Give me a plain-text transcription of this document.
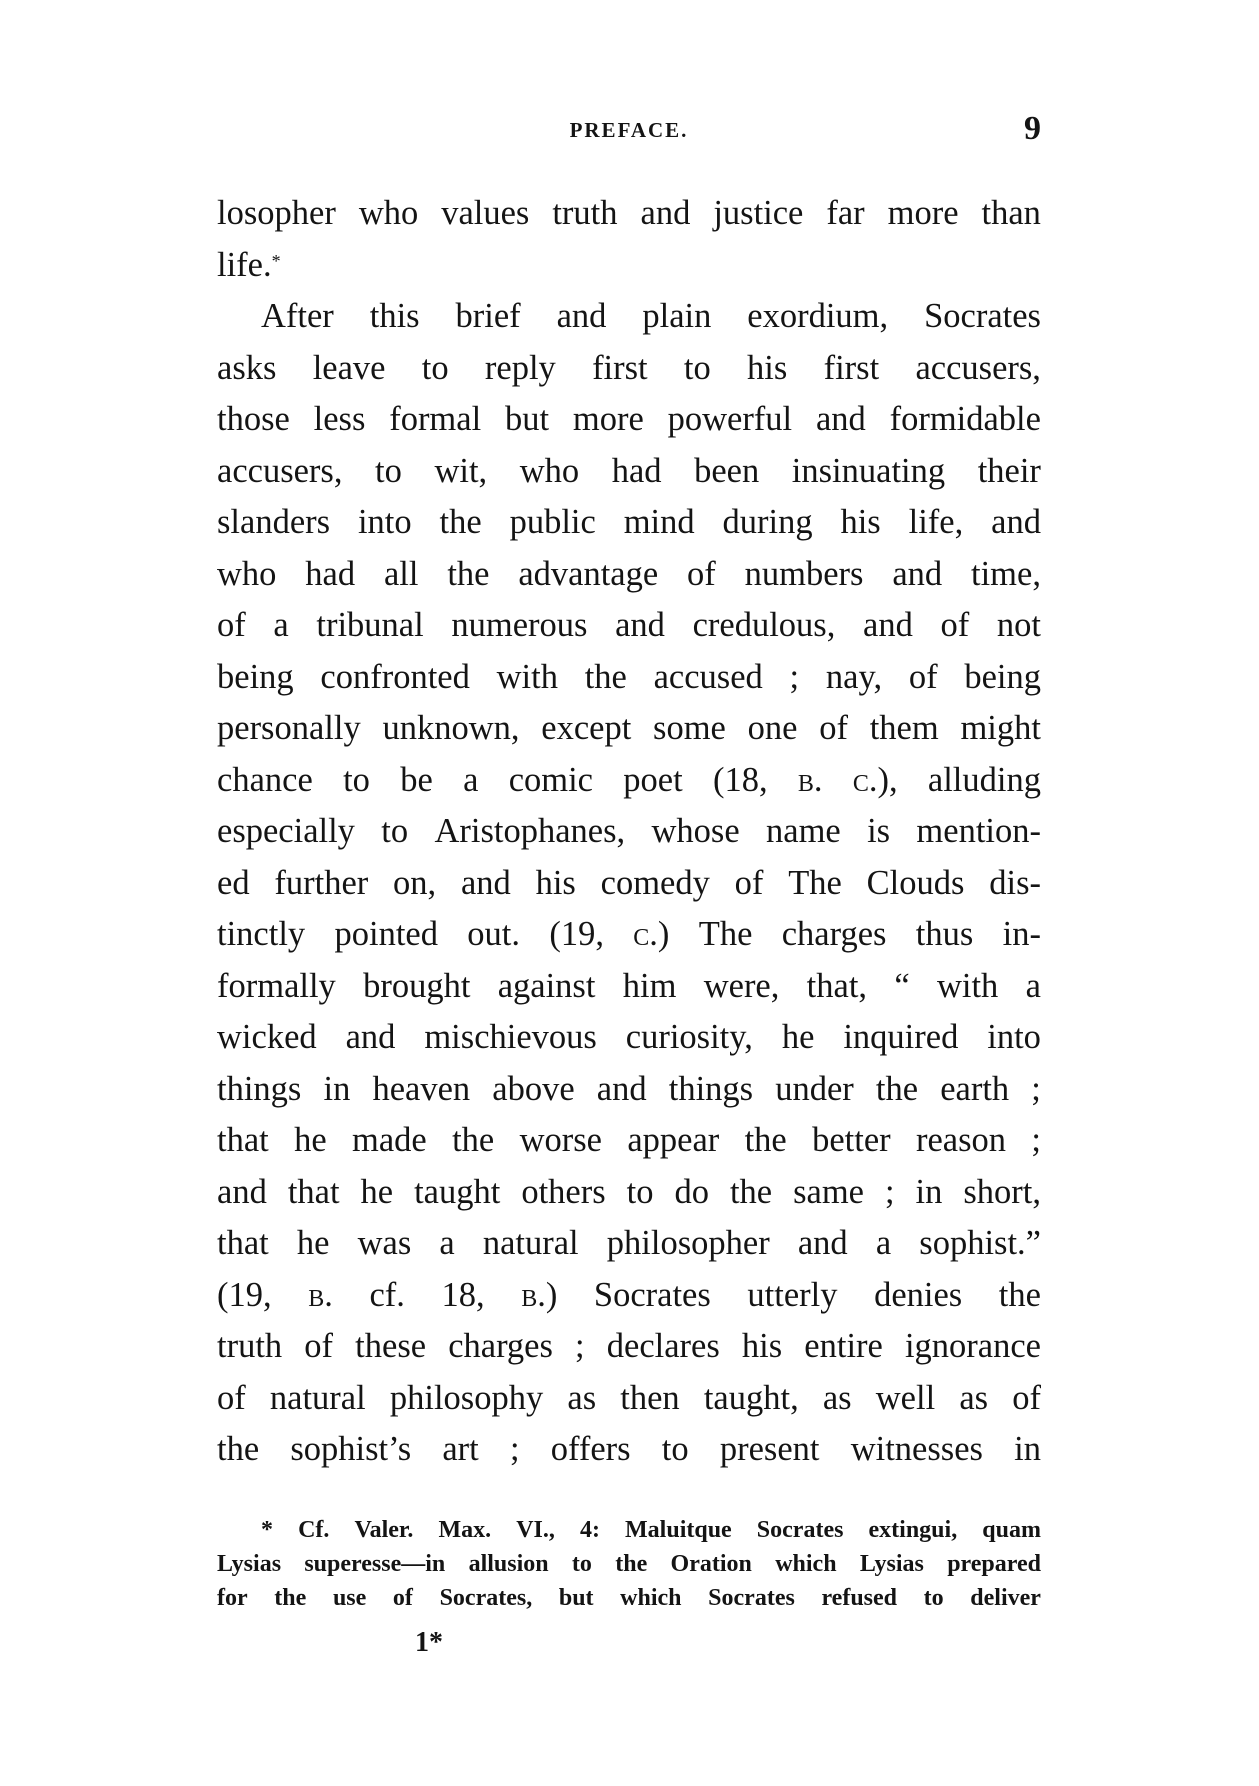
PREFACE.	9
losopher who values truth and justice far more than
life. *
After this brief and plain exordium, Socrates
asks leave to reply first to his first accusers,
those less formal but more powerful and formidable
accusers, to wit, who had been insinuating their
slanders into the public mind during his life, and
who had all the advantage of numbers and time,
of a tribunal numerous and credulous, and of not
being confronted with the accused ; nay, of being
personally unknown, except some one of them might
chance to be a comic poet (18, b. c.), alluding
especially to Aristophanes, whose name is mention-
ed further on, and his comedy of The Clouds dis-
tinctly pointed out. (19, c.) The charges thus in-
formally brought against him were, that, “ with a
wicked and mischievous curiosity, he inquired into
things in heaven above and things under the earth ;
that he made the worse appear the better reason ;
and that he taught others to do the same ; in short,
that he was a natural philosopher and a sophist.”
(19, b. cf. 18, b.) Socrates utterly denies the
truth of these charges ; declares his entire ignorance
of natural philosophy as then taught, as well as of
the sophist’s art ; offers to present witnesses in
* Cf. Valer. Max. VI., 4: Maluitque Socrates extingui, quam
Lysias superesse—in allusion to the Oration which Lysias prepared
for the use of Socrates, but which Socrates refused to deliver
1*
